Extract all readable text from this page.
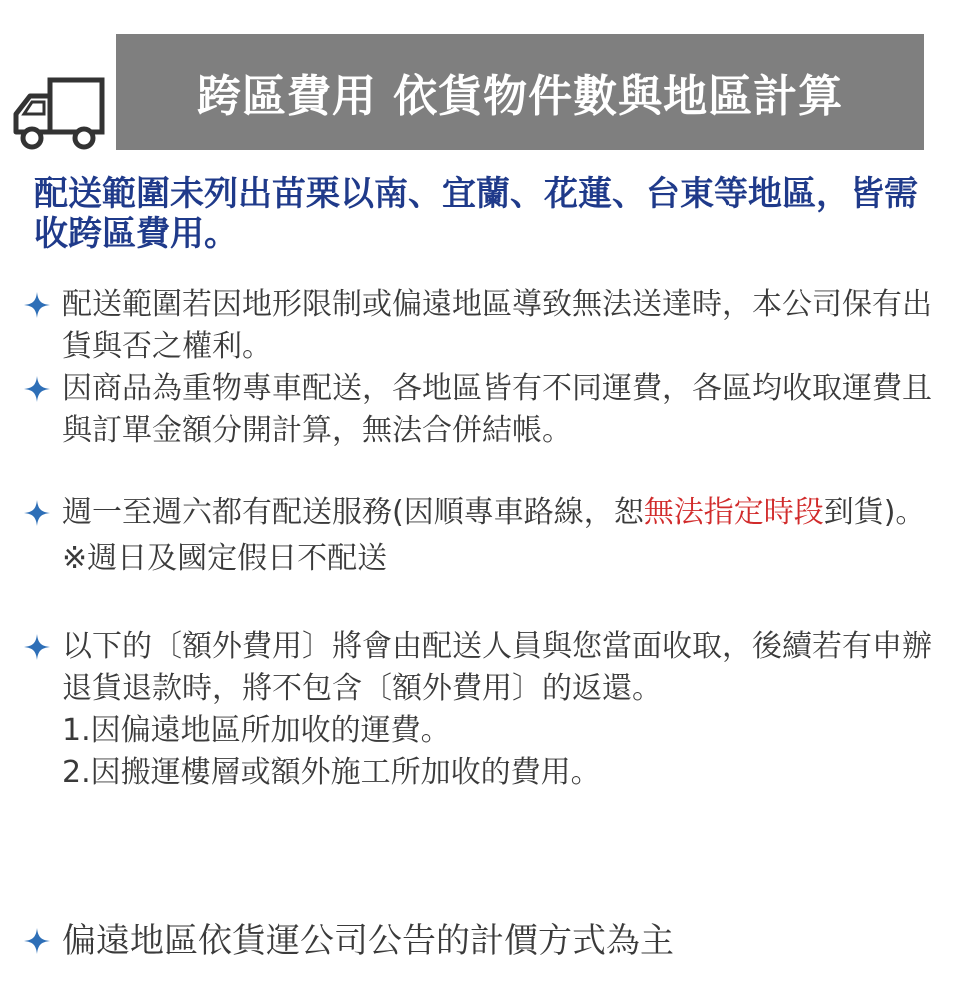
跨區費用 依貨物件數與地區計算
配送範圍未列出苗栗以南、宜蘭、花蓮、台東等地區，皆需收跨區費用。
配送範圍若因地形限制或偏遠地區導致無法送達時，本公司保有出貨與否之權利。
因商品為重物專車配送，各地區皆有不同運費，各區均收取運費且與訂單金額分開計算，無法合併結帳。
週一至週六都有配送服務(因順專車路線，恕無法指定時段到貨)。
※週日及國定假日不配送
以下的〔額外費用〕將會由配送人員與您當面收取，後續若有申辦退貨退款時，將不包含〔額外費用〕的返還。
1.因偏遠地區所加收的運費。
2.因搬運樓層或額外施工所加收的費用。
偏遠地區依貨運公司公告的計價方式為主
